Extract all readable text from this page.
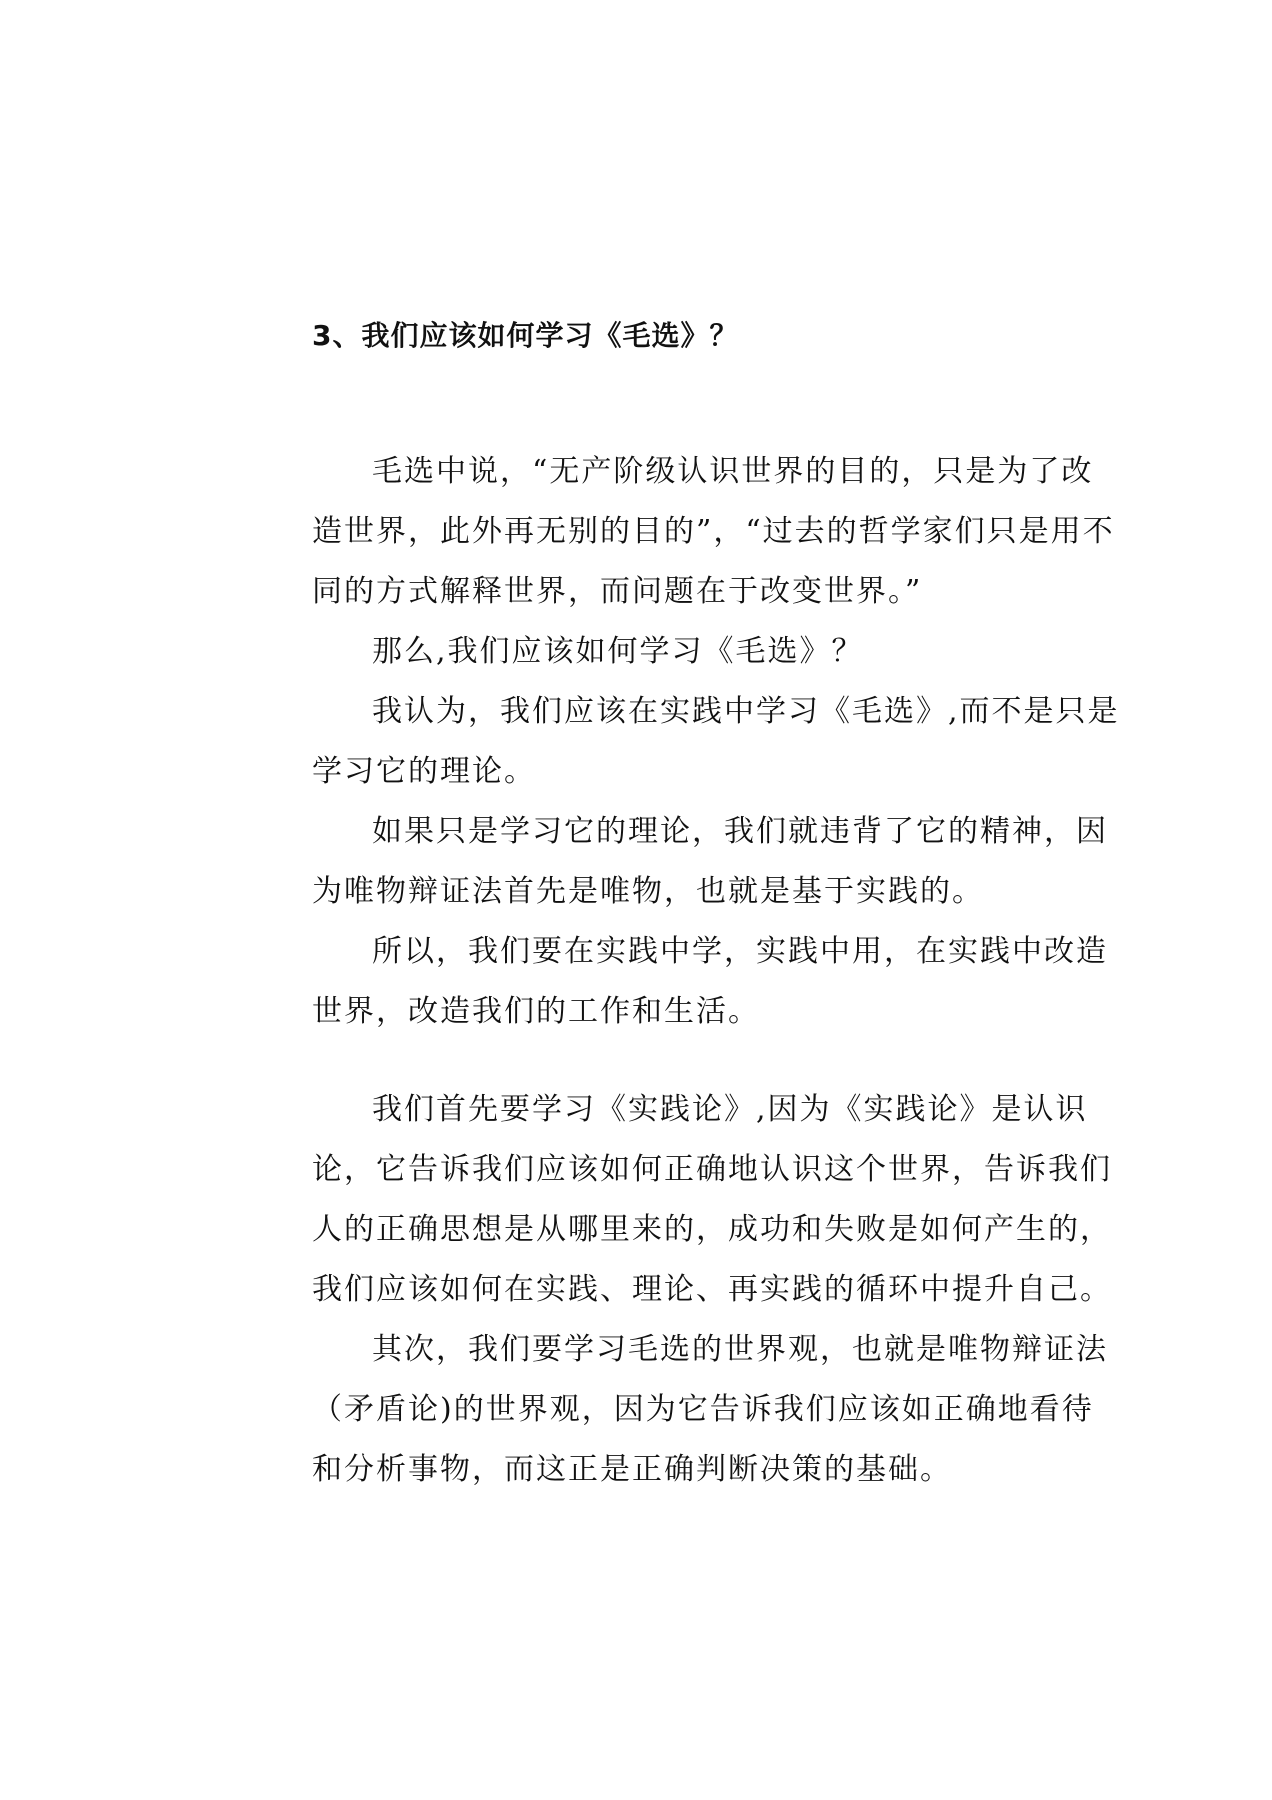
3、我们应该如何学习《毛选》？

毛选中说，“无产阶级认识世界的目的，只是为了改造世界，此外再无别的目的”，“过去的哲学家们只是用不同的方式解释世界，而问题在于改变世界。”

那么,我们应该如何学习《毛选》？

我认为，我们应该在实践中学习《毛选》,而不是只是学习它的理论。

如果只是学习它的理论，我们就违背了它的精神，因为唯物辩证法首先是唯物，也就是基于实践的。

所以，我们要在实践中学，实践中用，在实践中改造世界，改造我们的工作和生活。

我们首先要学习《实践论》,因为《实践论》是认识论，它告诉我们应该如何正确地认识这个世界，告诉我们人的正确思想是从哪里来的，成功和失败是如何产生的，我们应该如何在实践、理论、再实践的循环中提升自己。

其次，我们要学习毛选的世界观，也就是唯物辩证法（矛盾论)的世界观，因为它告诉我们应该如正确地看待和分析事物，而这正是正确判断决策的基础。
